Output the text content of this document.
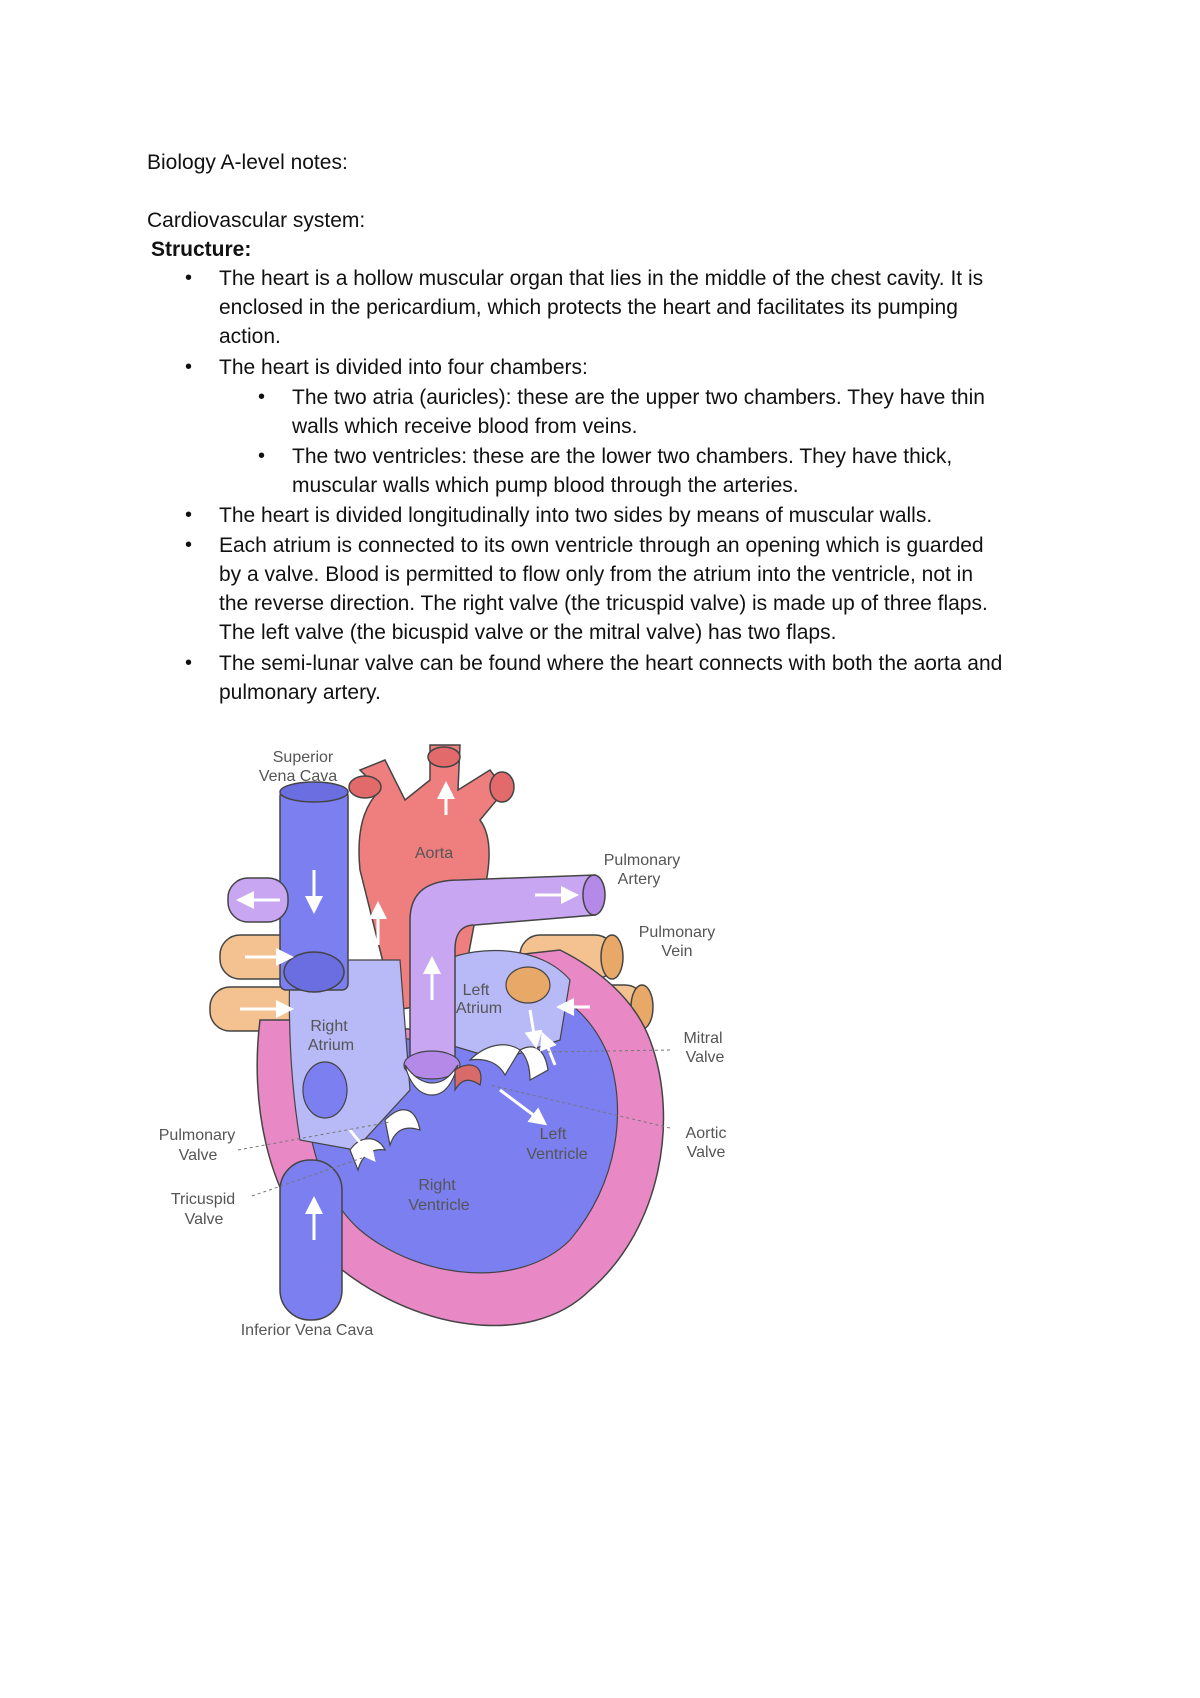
Biology A-level notes:
Cardiovascular system:
Structure:
• The heart is a hollow muscular organ that lies in the middle of the chest cavity. It is
enclosed in the pericardium, which protects the heart and facilitates its pumping
action.
• The heart is divided into four chambers:
• The two atria (auricles): these are the upper two chambers. They have thin
walls which receive blood from veins.
• The two ventricles: these are the lower two chambers. They have thick,
muscular walls which pump blood through the arteries.
• The heart is divided longitudinally into two sides by means of muscular walls.
• Each atrium is connected to its own ventricle through an opening which is guarded
by a valve. Blood is permitted to flow only from the atrium into the ventricle, not in
the reverse direction. The right valve (the tricuspid valve) is made up of three flaps.
The left valve (the bicuspid valve or the mitral valve) has two flaps.
• The semi-lunar valve can be found where the heart connects with both the aorta and
pulmonary artery.
Superior
Vena Cava
Aorta	Pulmonary
Artery
Pulmonary
Vein
Left
Atrium
Right
Atrium	Mitral
Valve
Pulmonary
Valve
Aortic
Valve
Left
Ventricle
Tricuspid
Valve
Right
Ventricle
Inferior Vena Cava
